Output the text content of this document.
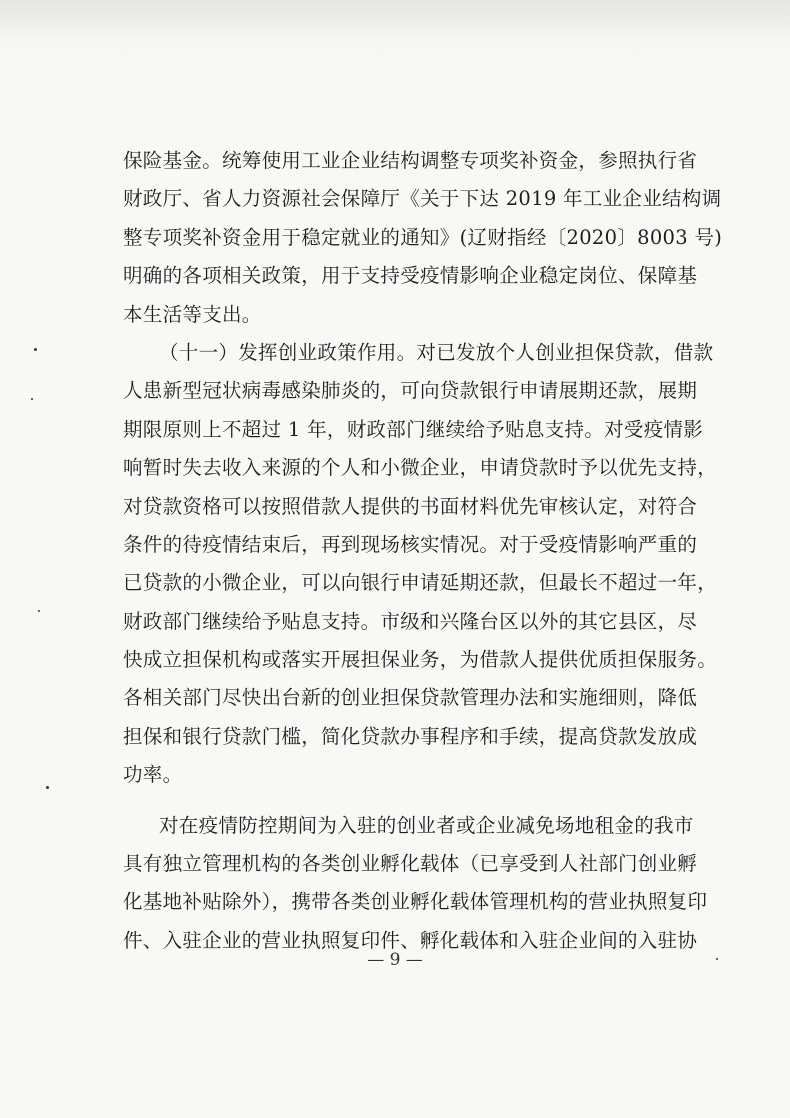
保险基金。统筹使用工业企业结构调整专项奖补资金，参照执行省
财政厅、省人力资源社会保障厅《关于下达 2019 年工业企业结构调
整专项奖补资金用于稳定就业的通知》(辽财指经〔2020〕8003 号)
明确的各项相关政策，用于支持受疫情影响企业稳定岗位、保障基
本生活等支出。
（十一）发挥创业政策作用。对已发放个人创业担保贷款，借款
人患新型冠状病毒感染肺炎的，可向贷款银行申请展期还款，展期
期限原则上不超过 1 年，财政部门继续给予贴息支持。对受疫情影
响暂时失去收入来源的个人和小微企业，申请贷款时予以优先支持，
对贷款资格可以按照借款人提供的书面材料优先审核认定，对符合
条件的待疫情结束后，再到现场核实情况。对于受疫情影响严重的
已贷款的小微企业，可以向银行申请延期还款，但最长不超过一年，
财政部门继续给予贴息支持。市级和兴隆台区以外的其它县区，尽
快成立担保机构或落实开展担保业务，为借款人提供优质担保服务。
各相关部门尽快出台新的创业担保贷款管理办法和实施细则，降低
担保和银行贷款门槛，简化贷款办事程序和手续，提高贷款发放成
功率。
对在疫情防控期间为入驻的创业者或企业减免场地租金的我市
具有独立管理机构的各类创业孵化载体（已享受到人社部门创业孵
化基地补贴除外），携带各类创业孵化载体管理机构的营业执照复印
件、入驻企业的营业执照复印件、孵化载体和入驻企业间的入驻协
— 9 —
